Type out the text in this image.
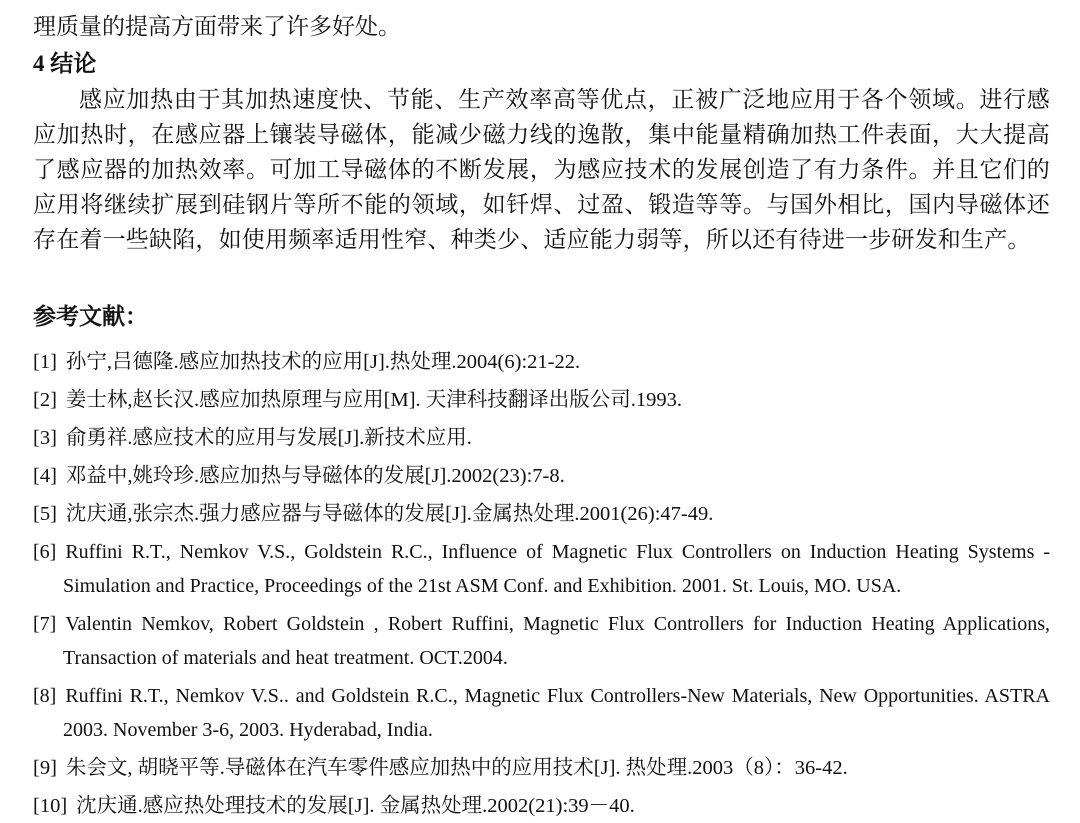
理质量的提高方面带来了许多好处。
4 结论
感应加热由于其加热速度快、节能、生产效率高等优点，正被广泛地应用于各个领域。进行感应加热时，在感应器上镶装导磁体，能减少磁力线的逸散，集中能量精确加热工件表面，大大提高了感应器的加热效率。可加工导磁体的不断发展，为感应技术的发展创造了有力条件。并且它们的应用将继续扩展到硅钢片等所不能的领域，如钎焊、过盈、锻造等等。与国外相比，国内导磁体还存在着一些缺陷，如使用频率适用性窄、种类少、适应能力弱等，所以还有待进一步研发和生产。
参考文献：
[1] 孙宁,吕德隆.感应加热技术的应用[J].热处理.2004(6):21-22.
[2] 姜士林,赵长汉.感应加热原理与应用[M]. 天津科技翻译出版公司.1993.
[3] 俞勇祥.感应技术的应用与发展[J].新技术应用.
[4] 邓益中,姚玲珍.感应加热与导磁体的发展[J].2002(23):7-8.
[5] 沈庆通,张宗杰.强力感应器与导磁体的发展[J].金属热处理.2001(26):47-49.
[6] Ruffini R.T., Nemkov V.S., Goldstein R.C., Influence of Magnetic Flux Controllers on Induction Heating Systems -Simulation and Practice, Proceedings of the 21st ASM Conf. and Exhibition. 2001. St. Louis, MO. USA.
[7] Valentin Nemkov, Robert Goldstein , Robert Ruffini, Magnetic Flux Controllers for Induction Heating Applications, Transaction of materials and heat treatment. OCT.2004.
[8] Ruffini R.T., Nemkov V.S.. and Goldstein R.C., Magnetic Flux Controllers-New Materials, New Opportunities. ASTRA 2003. November 3-6, 2003. Hyderabad, India.
[9] 朱会文, 胡晓平等.导磁体在汽车零件感应加热中的应用技术[J]. 热处理.2003（8）：36-42.
[10] 沈庆通.感应热处理技术的发展[J]. 金属热处理.2002(21):39－40.
